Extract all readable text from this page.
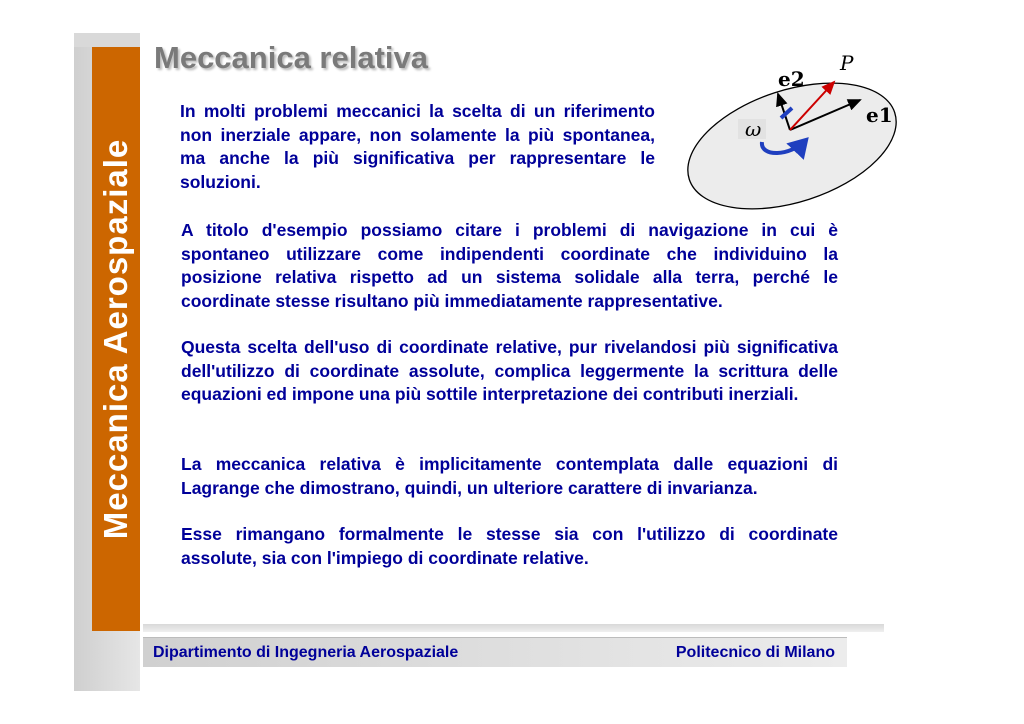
Meccanica Aerospaziale
Meccanica relativa

In molti problemi meccanici la scelta di un riferimento non inerziale appare, non solamente la più spontanea, ma anche la più significativa per rappresentare le soluzioni.

ω
e2
e1
P

A titolo d'esempio possiamo citare i problemi di navigazione in cui è spontaneo utilizzare come indipendenti coordinate che individuino la posizione relativa rispetto ad un sistema solidale alla terra, perché le coordinate stesse risultano più immediatamente rappresentative.

Questa scelta dell'uso di coordinate relative, pur rivelandosi più significativa dell'utilizzo di coordinate assolute, complica leggermente la scrittura delle equazioni ed impone una più sottile interpretazione dei contributi inerziali.

La meccanica relativa è implicitamente contemplata dalle equazioni di Lagrange che dimostrano, quindi, un ulteriore carattere di invarianza.

Esse rimangano formalmente le stesse sia con l'utilizzo di coordinate assolute, sia con l'impiego di coordinate relative.

Dipartimento di Ingegneria Aerospaziale	Politecnico di Milano
